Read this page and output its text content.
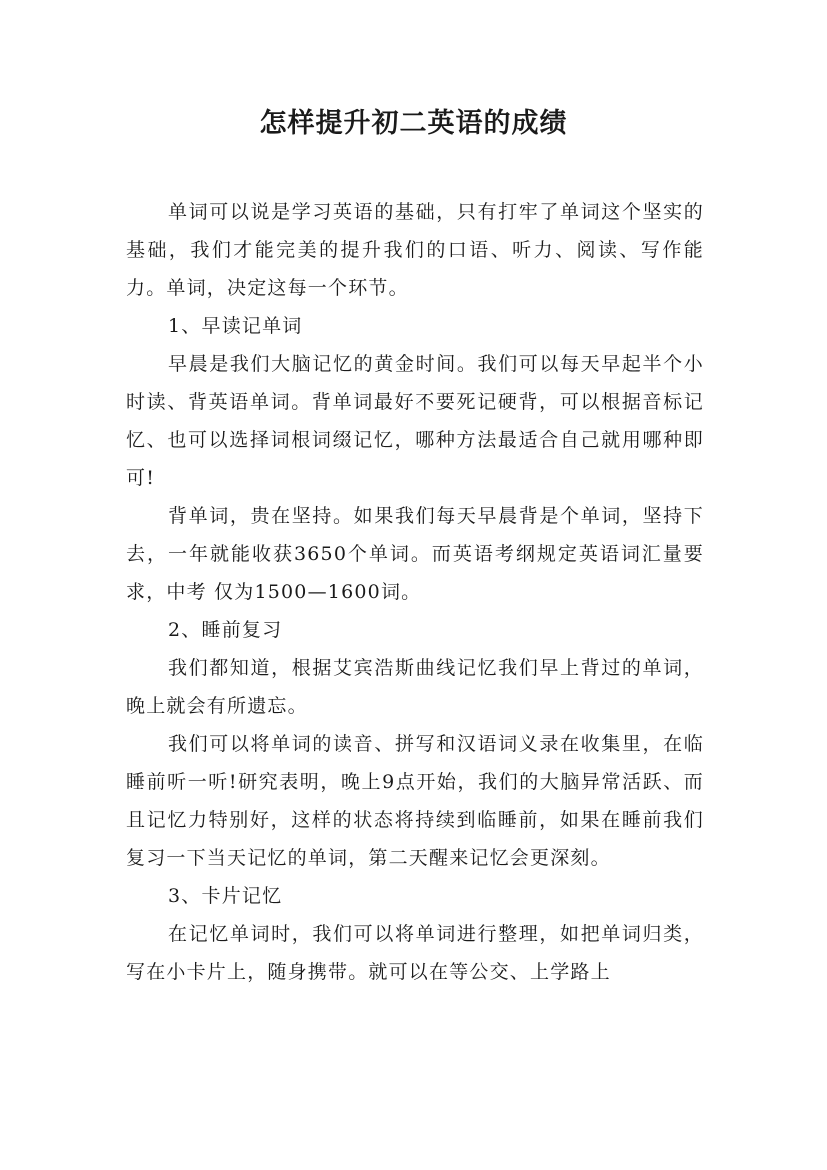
怎样提升初二英语的成绩

单词可以说是学习英语的基础，只有打牢了单词这个坚实的基础，我们才能完美的提升我们的口语、听力、阅读、写作能力。单词，决定这每一个环节。

1、早读记单词

早晨是我们大脑记忆的黄金时间。我们可以每天早起半个小时读、背英语单词。背单词最好不要死记硬背，可以根据音标记忆、也可以选择词根词缀记忆，哪种方法最适合自己就用哪种即可!

背单词，贵在坚持。如果我们每天早晨背是个单词，坚持下去，一年就能收获3650个单词。而英语考纲规定英语词汇量要求，中考 仅为1500—1600词。

2、睡前复习

我们都知道，根据艾宾浩斯曲线记忆我们早上背过的单词，晚上就会有所遗忘。

我们可以将单词的读音、拼写和汉语词义录在收集里，在临睡前听一听!研究表明，晚上9点开始，我们的大脑异常活跃、而且记忆力特别好，这样的状态将持续到临睡前，如果在睡前我们复习一下当天记忆的单词，第二天醒来记忆会更深刻。

3、卡片记忆

在记忆单词时，我们可以将单词进行整理，如把单词归类，写在小卡片上，随身携带。就可以在等公交、上学路上
